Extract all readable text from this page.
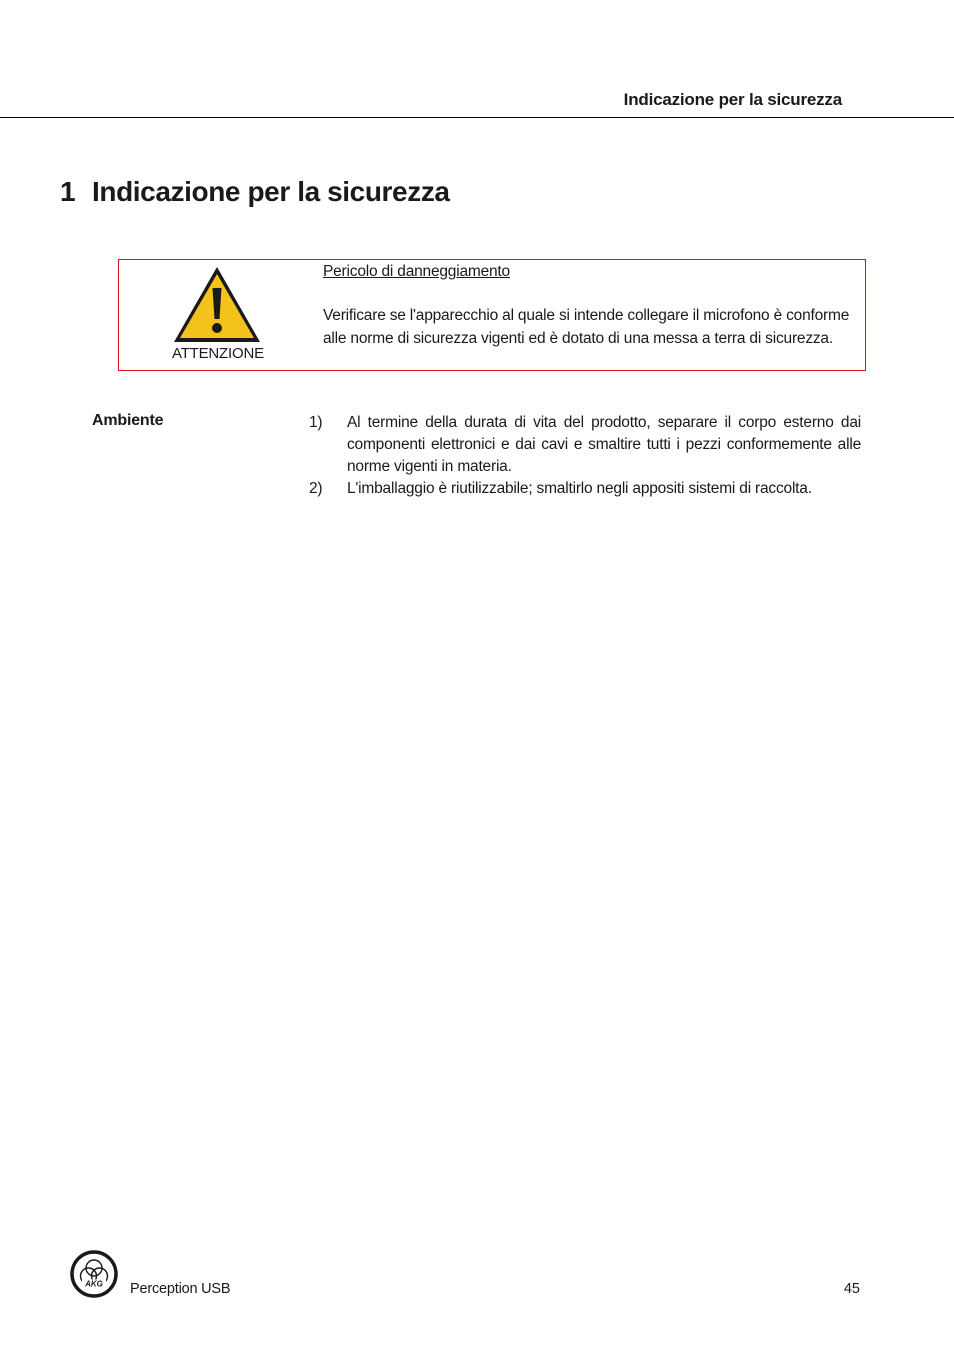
Indicazione per la sicurezza
1 Indicazione per la sicurezza
ATTENZIONE
Pericolo di danneggiamento
Verificare se l'apparecchio al quale si intende collegare il microfono è conforme alle norme di sicurezza vigenti ed è dotato di una messa a terra di sicurezza.
Ambiente	1) Al termine della durata di vita del prodotto, separare il corpo esterno dai componenti elettronici e dai cavi e smaltire tutti i pezzi conformemente alle norme vigenti in materia.
2) L'imballaggio è riutilizzabile; smaltirlo negli appositi sistemi di raccolta.
AKG Perception USB	45
